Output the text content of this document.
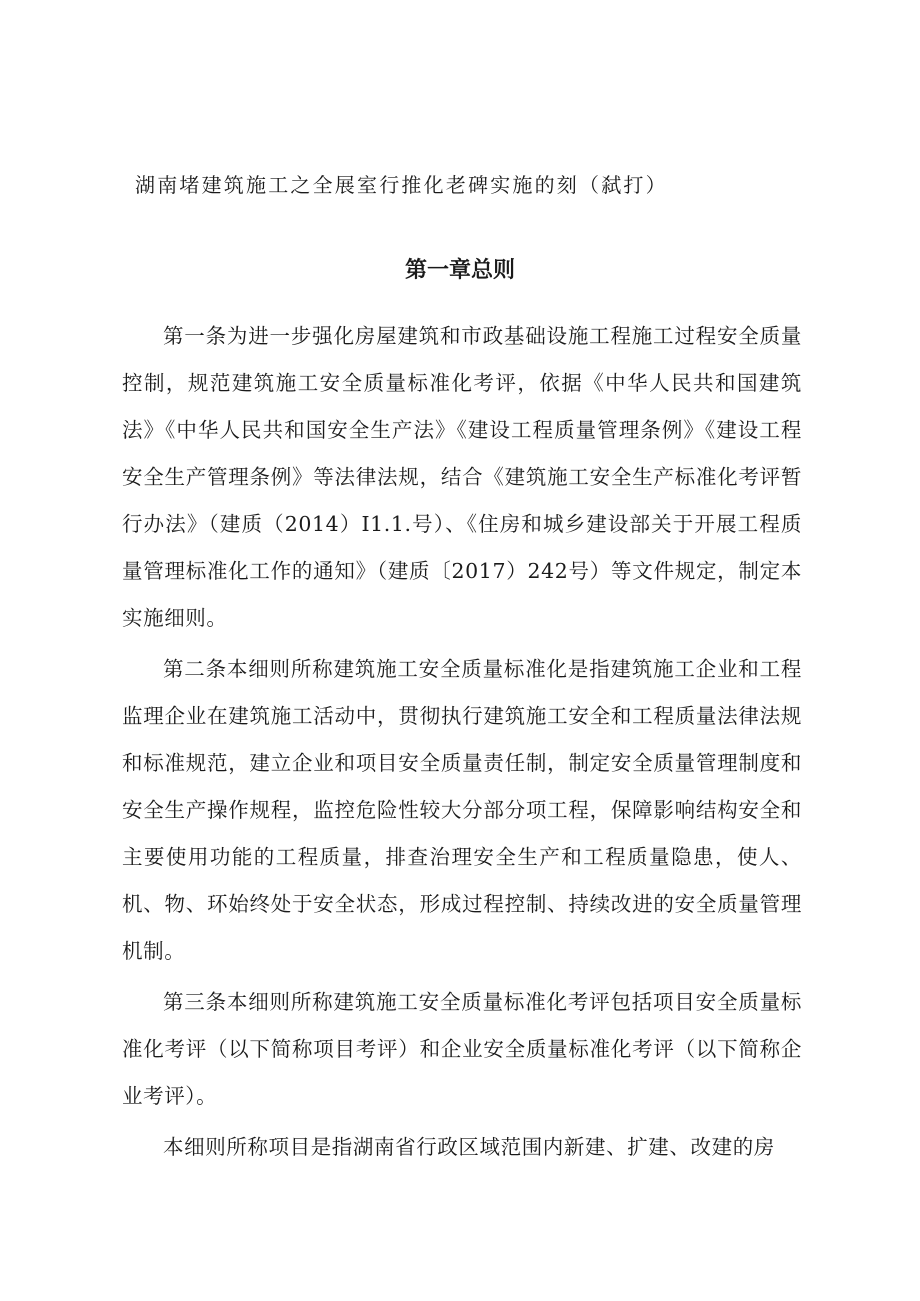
湖南堵建筑施工之全展室行推化老碑实施的刻（弑打）
第一章总则

第一条为进一步强化房屋建筑和市政基础设施工程施工过程安全质量控制，规范建筑施工安全质量标准化考评，依据《中华人民共和国建筑法》《中华人民共和国安全生产法》《建设工程质量管理条例》《建设工程安全生产管理条例》等法律法规，结合《建筑施工安全生产标准化考评暂行办法》（建质（2014）I1.1.号）、《住房和城乡建设部关于开展工程质量管理标准化工作的通知》（建质〔2017）242号）等文件规定，制定本实施细则。

第二条本细则所称建筑施工安全质量标准化是指建筑施工企业和工程监理企业在建筑施工活动中，贯彻执行建筑施工安全和工程质量法律法规和标准规范，建立企业和项目安全质量责任制，制定安全质量管理制度和安全生产操作规程，监控危险性较大分部分项工程，保障影响结构安全和主要使用功能的工程质量，排查治理安全生产和工程质量隐患，使人、机、物、环始终处于安全状态，形成过程控制、持续改进的安全质量管理机制。

第三条本细则所称建筑施工安全质量标准化考评包括项目安全质量标准化考评（以下简称项目考评）和企业安全质量标准化考评（以下简称企业考评）。

本细则所称项目是指湖南省行政区域范围内新建、扩建、改建的房
